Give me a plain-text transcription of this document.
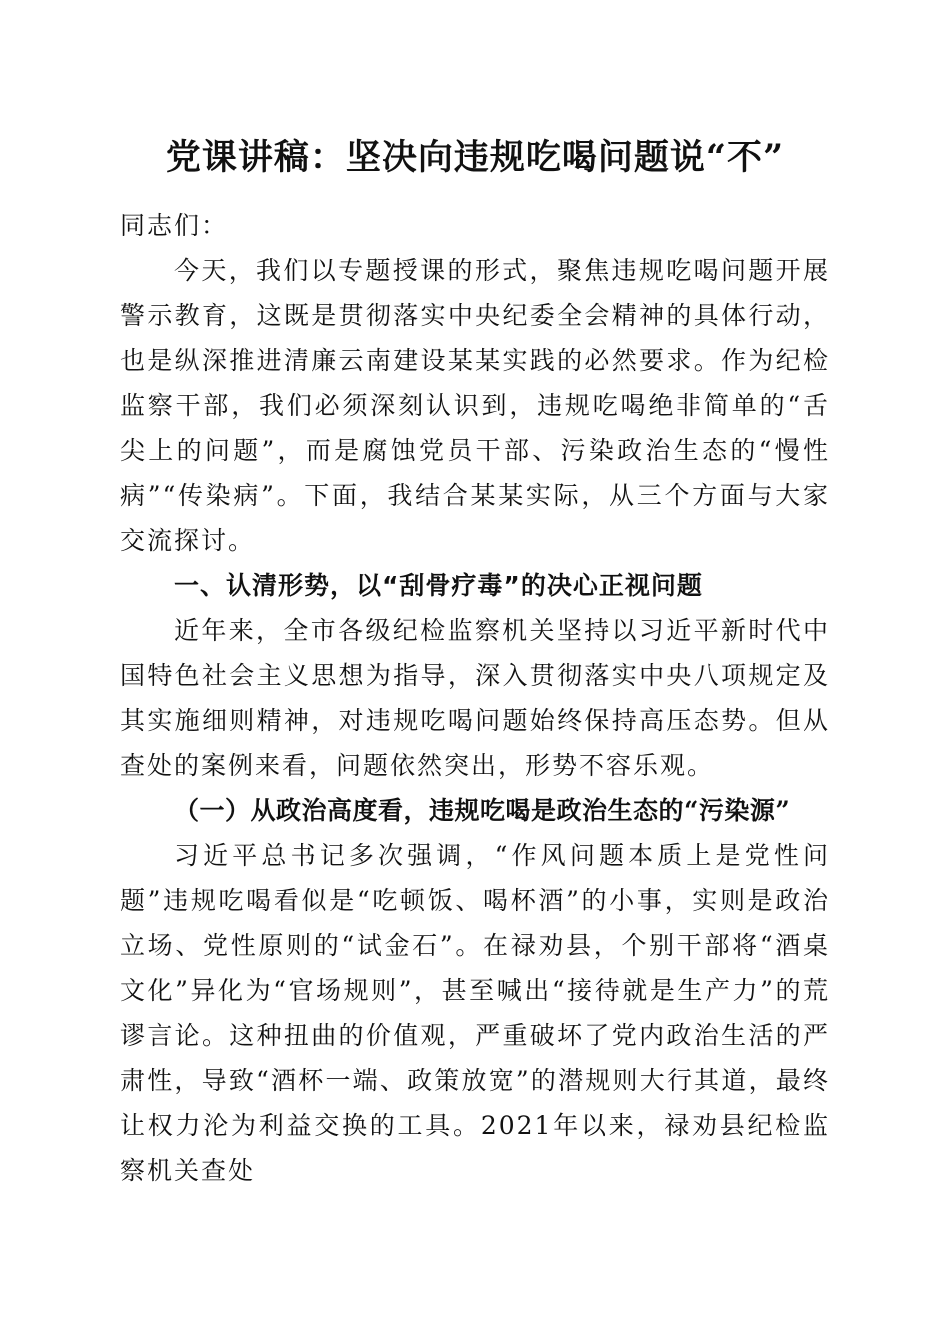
党课讲稿：坚决向违规吃喝问题说“不”

同志们：

今天，我们以专题授课的形式，聚焦违规吃喝问题开展警示教育，这既是贯彻落实中央纪委全会精神的具体行动，也是纵深推进清廉云南建设某某实践的必然要求。作为纪检监察干部，我们必须深刻认识到，违规吃喝绝非简单的“舌尖上的问题”，而是腐蚀党员干部、污染政治生态的“慢性病”“传染病”。下面，我结合某某实际，从三个方面与大家交流探讨。

一、认清形势，以“刮骨疗毒”的决心正视问题

近年来，全市各级纪检监察机关坚持以习近平新时代中国特色社会主义思想为指导，深入贯彻落实中央八项规定及其实施细则精神，对违规吃喝问题始终保持高压态势。但从查处的案例来看，问题依然突出，形势不容乐观。

（一）从政治高度看，违规吃喝是政治生态的“污染源”

习近平总书记多次强调，“作风问题本质上是党性问题”违规吃喝看似是“吃顿饭、喝杯酒”的小事，实则是政治立场、党性原则的“试金石”。在禄劝县，个别干部将“酒桌文化”异化为“官场规则”，甚至喊出“接待就是生产力”的荒谬言论。这种扭曲的价值观，严重破坏了党内政治生活的严肃性，导致“酒杯一端、政策放宽”的潜规则大行其道，最终让权力沦为利益交换的工具。2021年以来，禄劝县纪检监察机关查处
